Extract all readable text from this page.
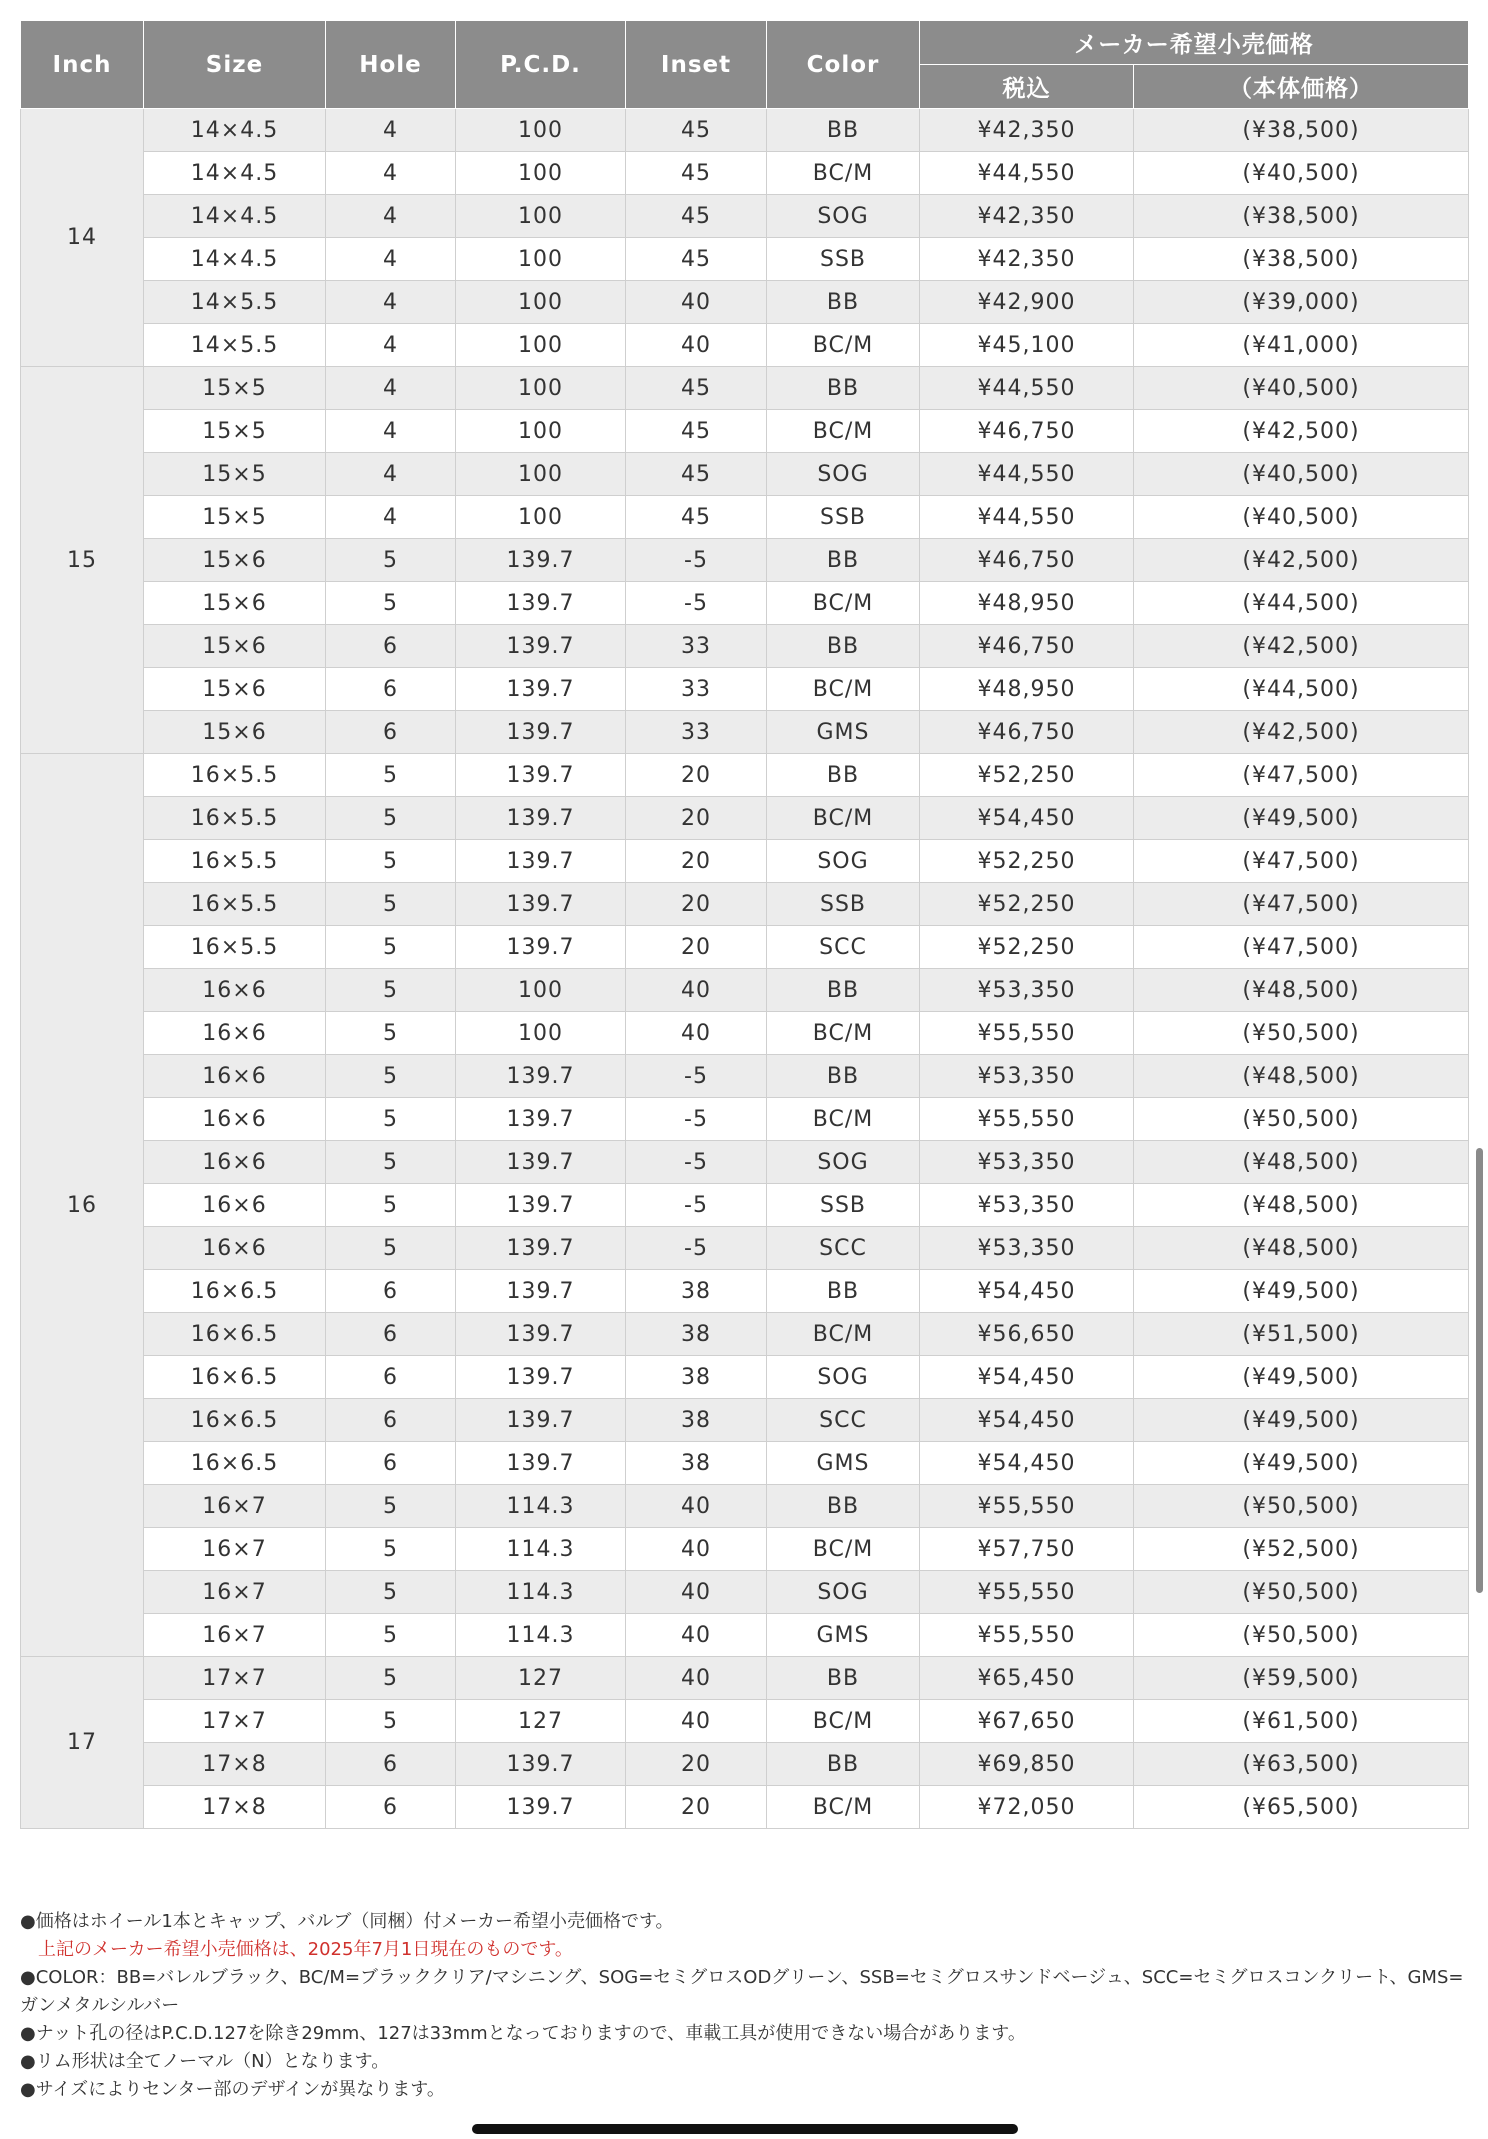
Inch	Size	Hole	P.C.D.	Inset	Color	メーカー希望小売価格	
						税込	（本体価格）
14	14×4.5	4	100	45	BB	¥42,350	(¥38,500)
	14×4.5	4	100	45	BC/M	¥44,550	(¥40,500)
	14×4.5	4	100	45	SOG	¥42,350	(¥38,500)
	14×4.5	4	100	45	SSB	¥42,350	(¥38,500)
	14×5.5	4	100	40	BB	¥42,900	(¥39,000)
	14×5.5	4	100	40	BC/M	¥45,100	(¥41,000)
15	15×5	4	100	45	BB	¥44,550	(¥40,500)
	15×5	4	100	45	BC/M	¥46,750	(¥42,500)
	15×5	4	100	45	SOG	¥44,550	(¥40,500)
	15×5	4	100	45	SSB	¥44,550	(¥40,500)
	15×6	5	139.7	-5	BB	¥46,750	(¥42,500)
	15×6	5	139.7	-5	BC/M	¥48,950	(¥44,500)
	15×6	6	139.7	33	BB	¥46,750	(¥42,500)
	15×6	6	139.7	33	BC/M	¥48,950	(¥44,500)
	15×6	6	139.7	33	GMS	¥46,750	(¥42,500)
16	16×5.5	5	139.7	20	BB	¥52,250	(¥47,500)
	16×5.5	5	139.7	20	BC/M	¥54,450	(¥49,500)
	16×5.5	5	139.7	20	SOG	¥52,250	(¥47,500)
	16×5.5	5	139.7	20	SSB	¥52,250	(¥47,500)
	16×5.5	5	139.7	20	SCC	¥52,250	(¥47,500)
	16×6	5	100	40	BB	¥53,350	(¥48,500)
	16×6	5	100	40	BC/M	¥55,550	(¥50,500)
	16×6	5	139.7	-5	BB	¥53,350	(¥48,500)
	16×6	5	139.7	-5	BC/M	¥55,550	(¥50,500)
	16×6	5	139.7	-5	SOG	¥53,350	(¥48,500)
	16×6	5	139.7	-5	SSB	¥53,350	(¥48,500)
	16×6	5	139.7	-5	SCC	¥53,350	(¥48,500)
	16×6.5	6	139.7	38	BB	¥54,450	(¥49,500)
	16×6.5	6	139.7	38	BC/M	¥56,650	(¥51,500)
	16×6.5	6	139.7	38	SOG	¥54,450	(¥49,500)
	16×6.5	6	139.7	38	SCC	¥54,450	(¥49,500)
	16×6.5	6	139.7	38	GMS	¥54,450	(¥49,500)
	16×7	5	114.3	40	BB	¥55,550	(¥50,500)
	16×7	5	114.3	40	BC/M	¥57,750	(¥52,500)
	16×7	5	114.3	40	SOG	¥55,550	(¥50,500)
	16×7	5	114.3	40	GMS	¥55,550	(¥50,500)
17	17×7	5	127	40	BB	¥65,450	(¥59,500)
	17×7	5	127	40	BC/M	¥67,650	(¥61,500)
	17×8	6	139.7	20	BB	¥69,850	(¥63,500)
	17×8	6	139.7	20	BC/M	¥72,050	(¥65,500)

●価格はホイール1本とキャップ、バルブ（同梱）付メーカー希望小売価格です。

上記のメーカー希望小売価格は、2025年7月1日現在のものです。

●COLOR：BB=バレルブラック、BC/M=ブラッククリア/マシニング、SOG=セミグロスODグリーン、SSB=セミグロスサンドベージュ、SCC=セミグロスコンクリート、GMS=ガンメタルシルバー

●ナット孔の径はP.C.D.127を除き29mm、127は33mmとなっておりますので、車載工具が使用できない場合があります。

●リム形状は全てノーマル（N）となります。

●サイズによりセンター部のデザインが異なります。
